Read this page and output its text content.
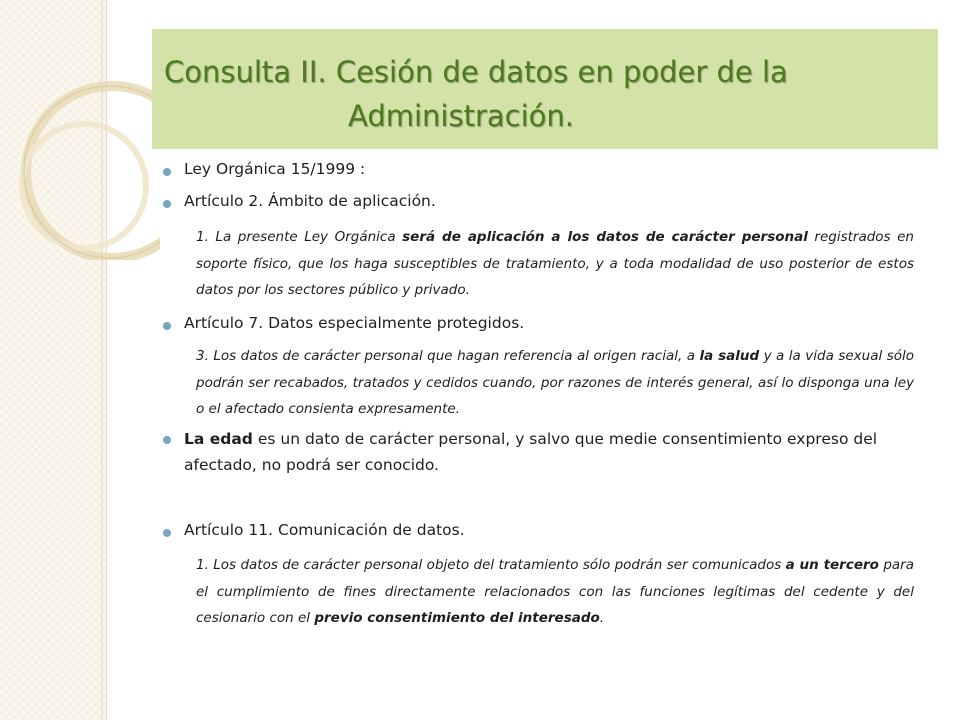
Consulta II. Cesión de datos en poder de la
Administración.
Ley Orgánica 15/1999 :
Artículo 2. Ámbito de aplicación.
1. La presente Ley Orgánica será de aplicación a los datos de carácter personal registrados en soporte físico, que los haga susceptibles de tratamiento, y a toda modalidad de uso posterior de estos datos por los sectores público y privado.
Artículo 7. Datos especialmente protegidos.
3. Los datos de carácter personal que hagan referencia al origen racial, a la salud y a la vida sexual sólo podrán ser recabados, tratados y cedidos cuando, por razones de interés general, así lo disponga una ley o el afectado consienta expresamente.
La edad es un dato de carácter personal, y salvo que medie consentimiento expreso del afectado, no podrá ser conocido.
Artículo 11. Comunicación de datos.
1. Los datos de carácter personal objeto del tratamiento sólo podrán ser comunicados a un tercero para el cumplimiento de fines directamente relacionados con las funciones legítimas del cedente y del cesionario con el previo consentimiento del interesado.
